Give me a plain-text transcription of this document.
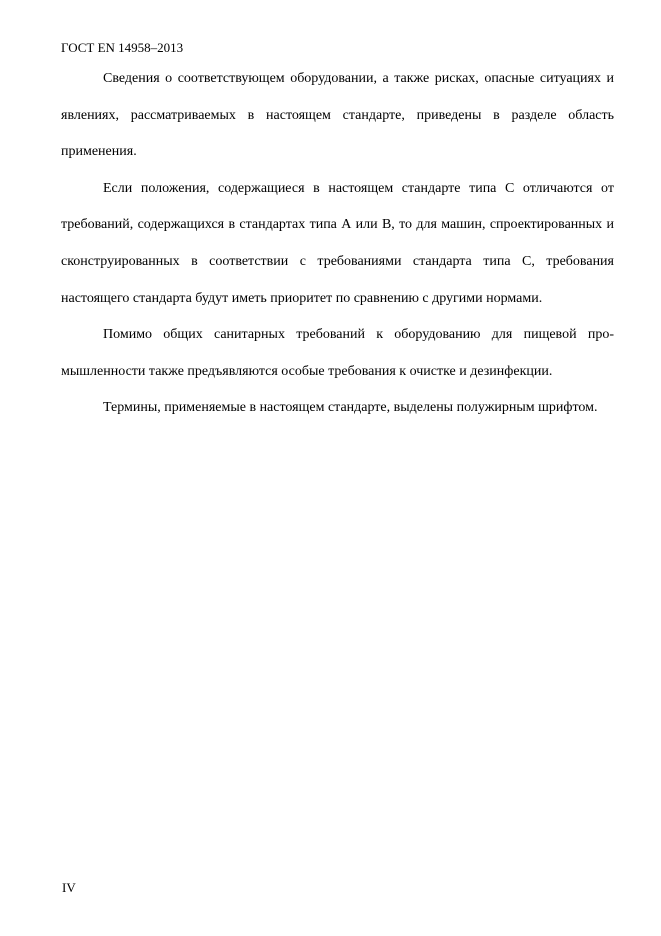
ГОСТ EN 14958–2013

Сведения о соответствующем оборудовании, а также рисках, опасные ситуациях и явлениях, рассматриваемых в настоящем стандарте, приведены в разделе область применения.

Если положения, содержащиеся в настоящем стандарте типа С отличаются от требований, содержащихся в стандартах типа А или В, то для машин, спроектированных и сконструированных в соответствии с требованиями стандарта типа С, требования настоящего стандарта будут иметь приоритет по сравнению с другими нормами.

Помимо общих санитарных требований к оборудованию для пищевой промышленности также предъявляются особые требования к очистке и дезинфекции.

Термины, применяемые в настоящем стандарте, выделены полужирным шрифтом.

IV
